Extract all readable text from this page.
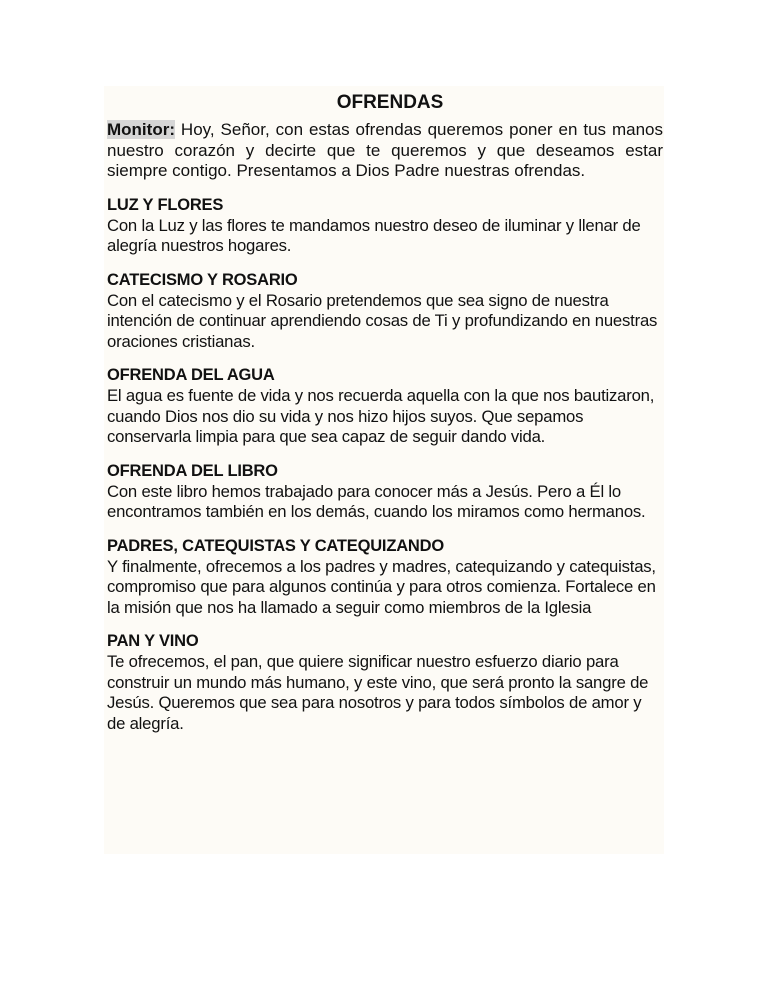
OFRENDAS
Monitor: Hoy, Señor, con estas ofrendas queremos poner en tus manos nuestro corazón y decirte que te queremos y que deseamos estar siempre contigo. Presentamos a Dios Padre nuestras ofrendas.
LUZ Y FLORES
Con la Luz y las flores te mandamos nuestro deseo de iluminar y llenar de alegría nuestros hogares.
CATECISMO Y ROSARIO
Con el catecismo y el Rosario pretendemos que sea signo de nuestra intención de continuar aprendiendo cosas de Ti y profundizando en nuestras oraciones cristianas.
OFRENDA DEL AGUA
El agua es fuente de vida y nos recuerda aquella con la que nos bautizaron, cuando Dios nos dio su vida y nos hizo hijos suyos. Que sepamos conservarla limpia para que sea capaz de seguir dando vida.
OFRENDA DEL LIBRO
Con este libro hemos trabajado para conocer más a Jesús. Pero a Él lo encontramos también en los demás, cuando los miramos como hermanos.
PADRES, CATEQUISTAS Y CATEQUIZANDO
Y finalmente, ofrecemos a los padres y madres, catequizando y catequistas, compromiso que para algunos continúa y para otros comienza. Fortalece en la misión que nos ha llamado a seguir como miembros de la Iglesia
PAN Y VINO
Te ofrecemos, el pan, que quiere significar nuestro esfuerzo diario para construir un mundo más humano, y este vino, que será pronto la sangre de Jesús. Queremos que sea para nosotros y para todos símbolos de amor y de alegría.
